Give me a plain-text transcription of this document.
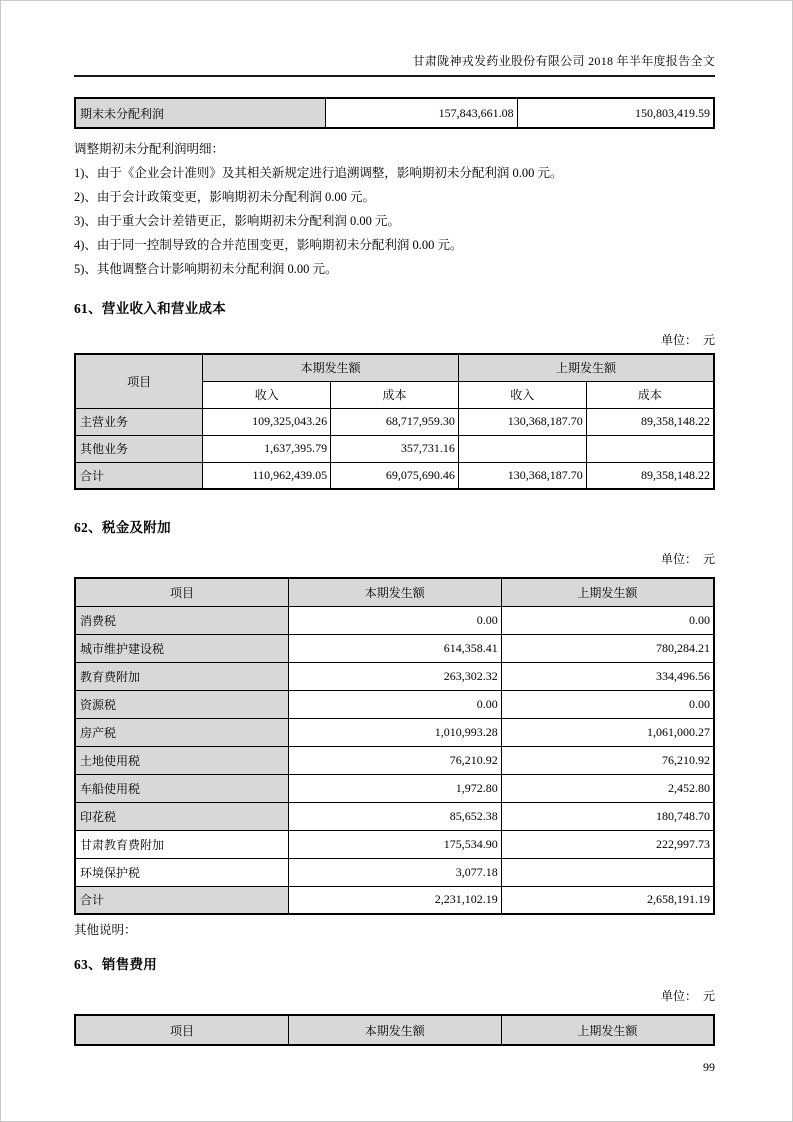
甘肃陇神戎发药业股份有限公司 2018 年半年度报告全文
期末未分配利润	157,843,661.08	150,803,419.59
调整期初未分配利润明细：
1)、由于《企业会计准则》及其相关新规定进行追溯调整，影响期初未分配利润 0.00 元。
2)、由于会计政策变更，影响期初未分配利润 0.00 元。
3)、由于重大会计差错更正，影响期初未分配利润 0.00 元。
4)、由于同一控制导致的合并范围变更，影响期初未分配利润 0.00 元。
5)、其他调整合计影响期初未分配利润 0.00 元。
61、营业收入和营业成本
单位：  元
项目	本期发生额		上期发生额	
	收入	成本	收入	成本
主营业务	109,325,043.26	68,717,959.30	130,368,187.70	89,358,148.22
其他业务	1,637,395.79	357,731.16		
合计	110,962,439.05	69,075,690.46	130,368,187.70	89,358,148.22
62、税金及附加
单位：  元
项目	本期发生额	上期发生额
消费税	0.00	0.00
城市维护建设税	614,358.41	780,284.21
教育费附加	263,302.32	334,496.56
资源税	0.00	0.00
房产税	1,010,993.28	1,061,000.27
土地使用税	76,210.92	76,210.92
车船使用税	1,972.80	2,452.80
印花税	85,652.38	180,748.70
甘肃教育费附加	175,534.90	222,997.73
环境保护税	3,077.18	
合计	2,231,102.19	2,658,191.19
其他说明：
63、销售费用
单位：  元
项目	本期发生额	上期发生额
99
